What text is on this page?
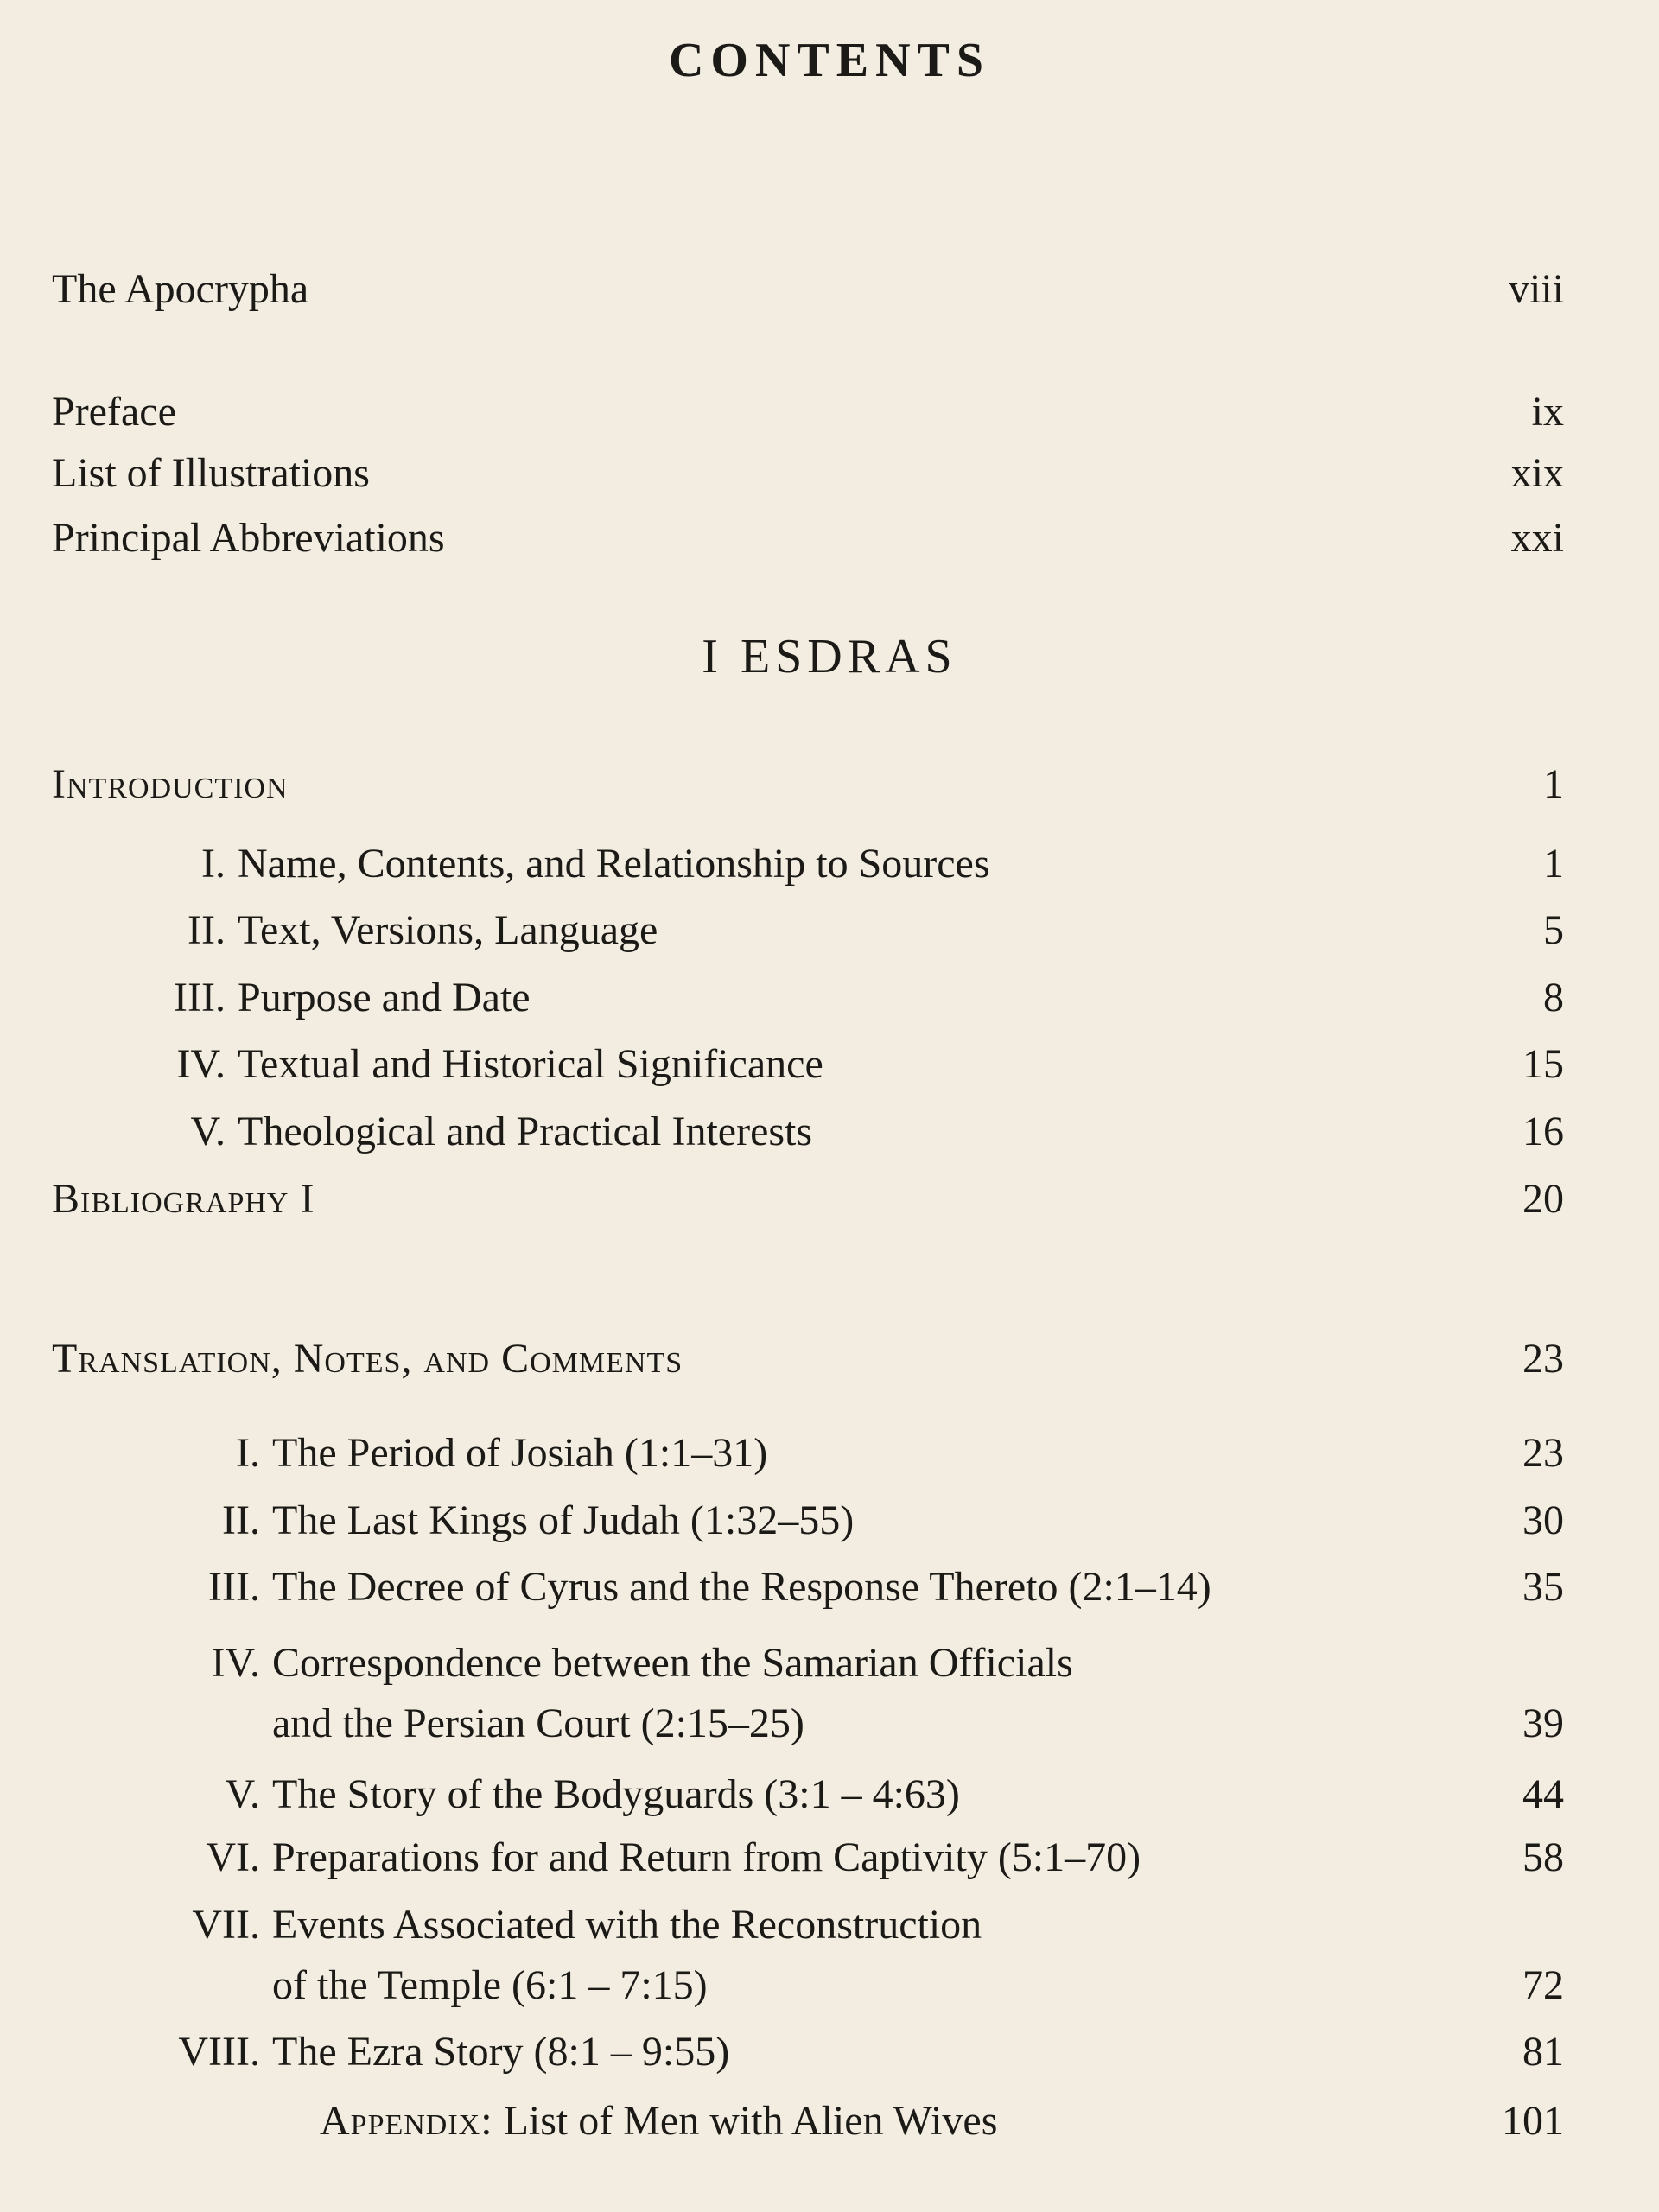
CONTENTS
The Apocrypha	viii
Preface	ix
List of Illustrations	xix
Principal Abbreviations	xxi
I ESDRAS
Introduction	1
I. Name, Contents, and Relationship to Sources	1
II. Text, Versions, Language	5
III. Purpose and Date	8
IV. Textual and Historical Significance	15
V. Theological and Practical Interests	16
Bibliography I	20
Translation, Notes, and Comments	23
I. The Period of Josiah (1:1–31)	23
II. The Last Kings of Judah (1:32–55)	30
III. The Decree of Cyrus and the Response Thereto (2:1–14)	35
IV. Correspondence between the Samarian Officials
and the Persian Court (2:15–25)	39
V. The Story of the Bodyguards (3:1 – 4:63)	44
VI. Preparations for and Return from Captivity (5:1–70)	58
VII. Events Associated with the Reconstruction
of the Temple (6:1 – 7:15)	72
VIII. The Ezra Story (8:1 – 9:55)	81
Appendix: List of Men with Alien Wives	101
